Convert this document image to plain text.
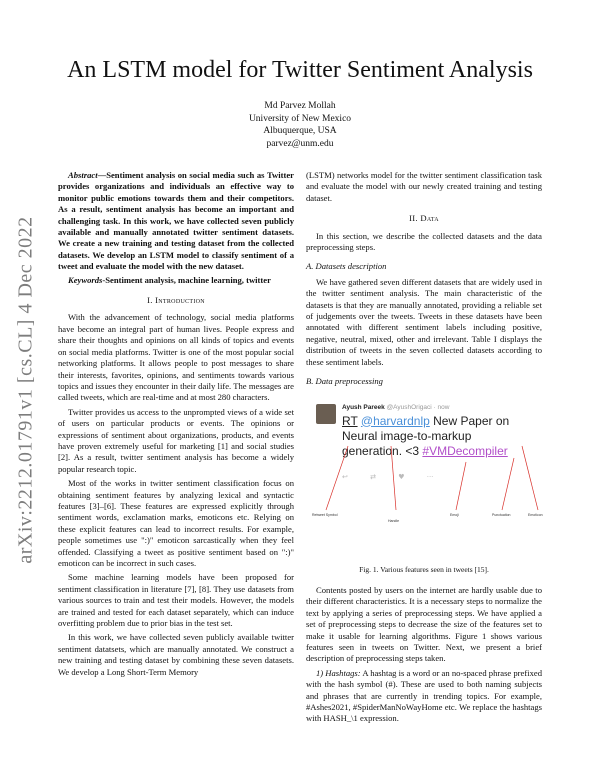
An LSTM model for Twitter Sentiment Analysis
Md Parvez Mollah
University of New Mexico
Albuquerque, USA
parvez@unm.edu
arXiv:2212.01791v1 [cs.CL] 4 Dec 2022

Abstract—Sentiment analysis on social media such as Twitter provides organizations and individuals an effective way to monitor public emotions towards them and their competitors. As a result, sentiment analysis has become an important and challenging task. In this work, we have collected seven publicly available and manually annotated twitter sentiment datasets. We create a new training and testing dataset from the collected datasets. We develop an LSTM model to classify sentiment of a tweet and evaluate the model with the new dataset.

Keywords-Sentiment analysis, machine learning, twitter

I. Introduction

With the advancement of technology, social media platforms have become an integral part of human lives. People express and share their thoughts and opinions on all kinds of topics and events on social media platforms. Twitter is one of the most popular social networking platforms. It allows people to post messages to share their interests, favorites, opinions, and sentiments towards various topics and issues they encounter in their daily life. The messages are called tweets, which are real-time and at most 280 characters.

Twitter provides us access to the unprompted views of a wide set of users on particular products or events. The opinions or expressions of sentiment about organizations, products, and events have proven extremely useful for marketing [1] and social studies [2]. As a result, twitter sentiment analysis has become a widely popular research topic.

Most of the works in twitter sentiment classification focus on obtaining sentiment features by analyzing lexical and syntactic features [3]–[6]. These features are expressed explicitly through sentiment words, exclamation marks, emoticons etc. Relying on these explicit features can lead to incorrect results. For example, people sometimes use ":)" emoticon sarcastically when they feel offended. Classifying a tweet as positive sentiment based on ":)" emoticon can be incorrect in such cases.

Some machine learning models have been proposed for sentiment classification in literature [7], [8]. They use datasets from various sources to train and test their models. However, the models are trained and tested for each dataset separately, which can induce overfitting problem due to prior bias in the test set.

In this work, we have collected seven publicly available twitter sentiment datatsets, which are manually annotated. We construct a new training and testing dataset by combining these seven datasets. We develop a Long Short-Term Memory

(LSTM) networks model for the twitter sentiment classification task and evaluate the model with our newly created training and testing dataset.

II. Data

In this section, we describe the collected datasets and the data preprocessing steps.

A. Datasets description

We have gathered seven different datasets that are widely used in the twitter sentiment analysis. The main characteristic of the datasets is that they are manually annotated, providing a reliable set of judgements over the tweets. Tweets in these datasets have been annotated with different sentiment labels including positive, negative, neutral, mixed, other and irrelevant. Table I displays the distribution of tweets in the seven collected datasets according to these sentiment labels.

B. Data preprocessing
Ayush Pareek @AyushOrigaci · now
RT @harvardnlp New Paper on Neural image-to-markup generation. <3 #VMDecompiler
↩	⇄	♥	···
Retweet Symbol
Handle
Emoji	Punctuation	Emoticon
Fig. 1. Various features seen in tweets [15].

Contents posted by users on the internet are hardly usable due to their different characteristics. It is a necessary steps to normalize the text by applying a series of preprocessing steps. We have applied a set of preprocessing steps to decrease the size of the features set to make it usable for learning algorithms. Figure 1 shows various features seen in tweets on Twitter. Next, we present a brief description of preprocessing steps taken.

1) Hashtags: A hashtag is a word or an no-spaced phrase prefixed with the hash symbol (#). These are used to both naming subjects and phrases that are currently in trending topics. For example, #Ashes2021, #SpiderManNoWayHome etc. We replace the hashtags with HASH_\1 expression.
